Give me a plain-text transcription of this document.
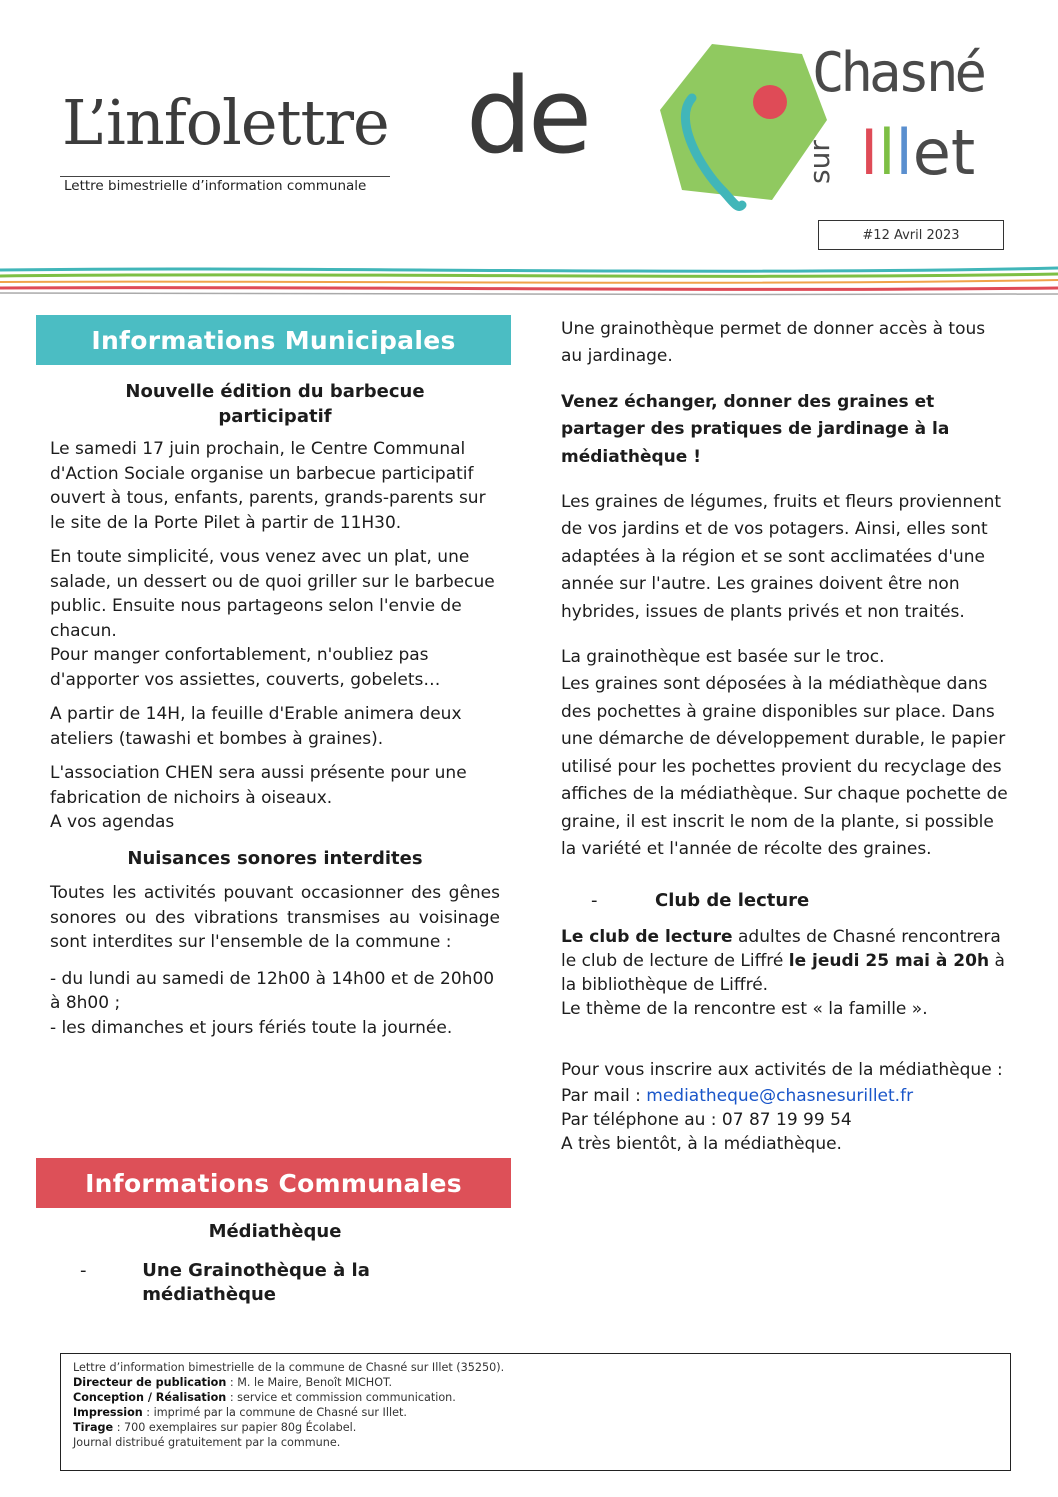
L’infolettre de
Lettre bimestrielle d’information communale
Chasné
sur Illet
#12 Avril 2023
Informations Municipales

Nouvelle édition du barbecue

participatif

Le samedi 17 juin prochain, le Centre Communal d'Action Sociale organise un barbecue participatif ouvert à tous, enfants, parents, grands-parents sur le site de la Porte Pilet à partir de 11H30.

En toute simplicité, vous venez avec un plat, une salade, un dessert ou de quoi griller sur le barbecue public. Ensuite nous partageons selon l'envie de chacun.

Pour manger confortablement, n'oubliez pas d'apporter vos assiettes, couverts, gobelets…

A partir de 14H, la feuille d'Erable animera deux ateliers (tawashi et bombes à graines).

L'association CHEN sera aussi présente pour une fabrication de nichoirs à oiseaux.

A vos agendas

Nuisances sonores interdites

Toutes les activités pouvant occasionner des gênes sonores ou des vibrations transmises au voisinage sont interdites sur l'ensemble de la commune :

- du lundi au samedi de 12h00 à 14h00 et de 20h00 à 8h00 ;

- les dimanches et jours fériés toute la journée.

Informations Communales

Médiathèque

-	Une Grainothèque à la médiathèque

Une grainothèque permet de donner accès à tous au jardinage.

Venez échanger, donner des graines et partager des pratiques de jardinage à la médiathèque !

Les graines de légumes, fruits et fleurs proviennent de vos jardins et de vos potagers. Ainsi, elles sont adaptées à la région et se sont acclimatées d'une année sur l'autre. Les graines doivent être non hybrides, issues de plants privés et non traités.

La grainothèque est basée sur le troc.

Les graines sont déposées à la médiathèque dans des pochettes à graine disponibles sur place. Dans une démarche de développement durable, le papier utilisé pour les pochettes provient du recyclage des affiches de la médiathèque. Sur chaque pochette de graine, il est inscrit le nom de la plante, si possible la variété et l'année de récolte des graines.

-	Club de lecture

Le club de lecture adultes de Chasné rencontrera le club de lecture de Liffré le jeudi 25 mai à 20h à la bibliothèque de Liffré.

Le thème de la rencontre est « la famille ».

Pour vous inscrire aux activités de la médiathèque :

Par mail : mediatheque@chasnesurillet.fr

Par téléphone au : 07 87 19 99 54

A très bientôt, à la médiathèque.

Lettre d’information bimestrielle de la commune de Chasné sur Illet (35250).
Directeur de publication : M. le Maire, Benoît MICHOT.
Conception / Réalisation : service et commission communication.
Impression : imprimé par la commune de Chasné sur Illet.
Tirage : 700 exemplaires sur papier 80g Écolabel.
Journal distribué gratuitement par la commune.
